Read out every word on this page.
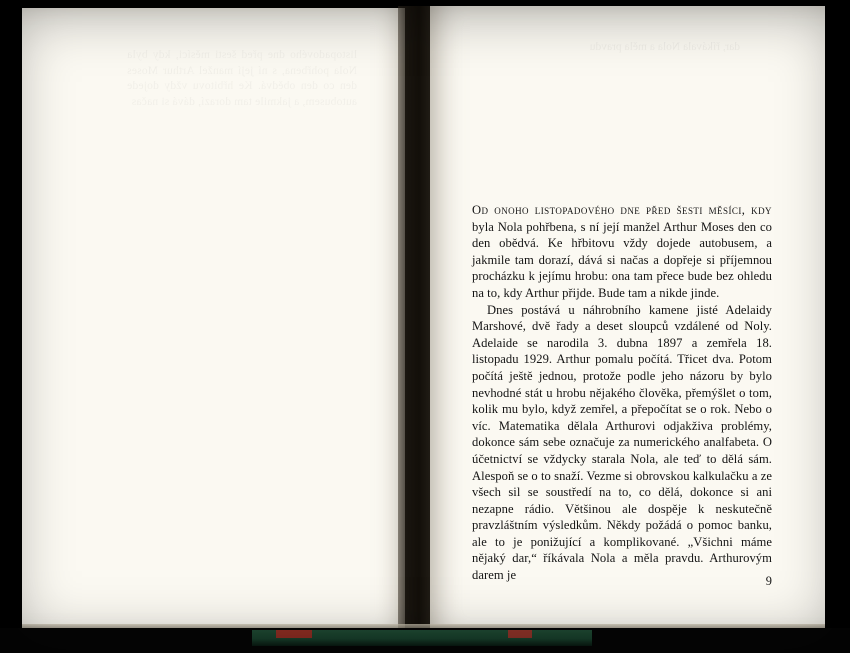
dar, říkávala Nola a měla pravdu

Od onoho listopadového dne před šesti měsíci, kdy byla Nola pohřbena, s ní její manžel Arthur Moses den co den obědvá. Ke hřbitovu vždy dojede autobusem, a jakmile tam dorazí, dává si načas a dopřeje si příjemnou procházku k jejímu hrobu: ona tam přece bude bez ohledu na to, kdy Arthur přijde. Bude tam a nikde jinde.

Dnes postává u náhrobního kamene jisté Adelaidy Marshové, dvě řady a deset sloupců vzdálené od Noly. Adelaide se narodila 3. dubna 1897 a zemřela 18. listopadu 1929. Arthur pomalu počítá. Třicet dva. Potom počítá ještě jednou, protože podle jeho názoru by bylo nevhodné stát u hrobu nějakého člověka, přemýšlet o tom, kolik mu bylo, když zemřel, a přepočítat se o rok. Nebo o víc. Matematika dělala Arthurovi odjakživa problémy, dokonce sám sebe označuje za numerického analfabeta. O účetnictví se vždycky starala Nola, ale teď to dělá sám. Alespoň se o to snaží. Vezme si obrovskou kalkulačku a ze všech sil se soustředí na to, co dělá, dokonce si ani nezapne rádio. Většinou ale dospěje k neskutečně pravzláštním výsledkům. Někdy požádá o pomoc banku, ale to je ponižující a komplikované. „Všichni máme nějaký dar,“ říkávala Nola a měla pravdu. Arthurovým darem je	9
